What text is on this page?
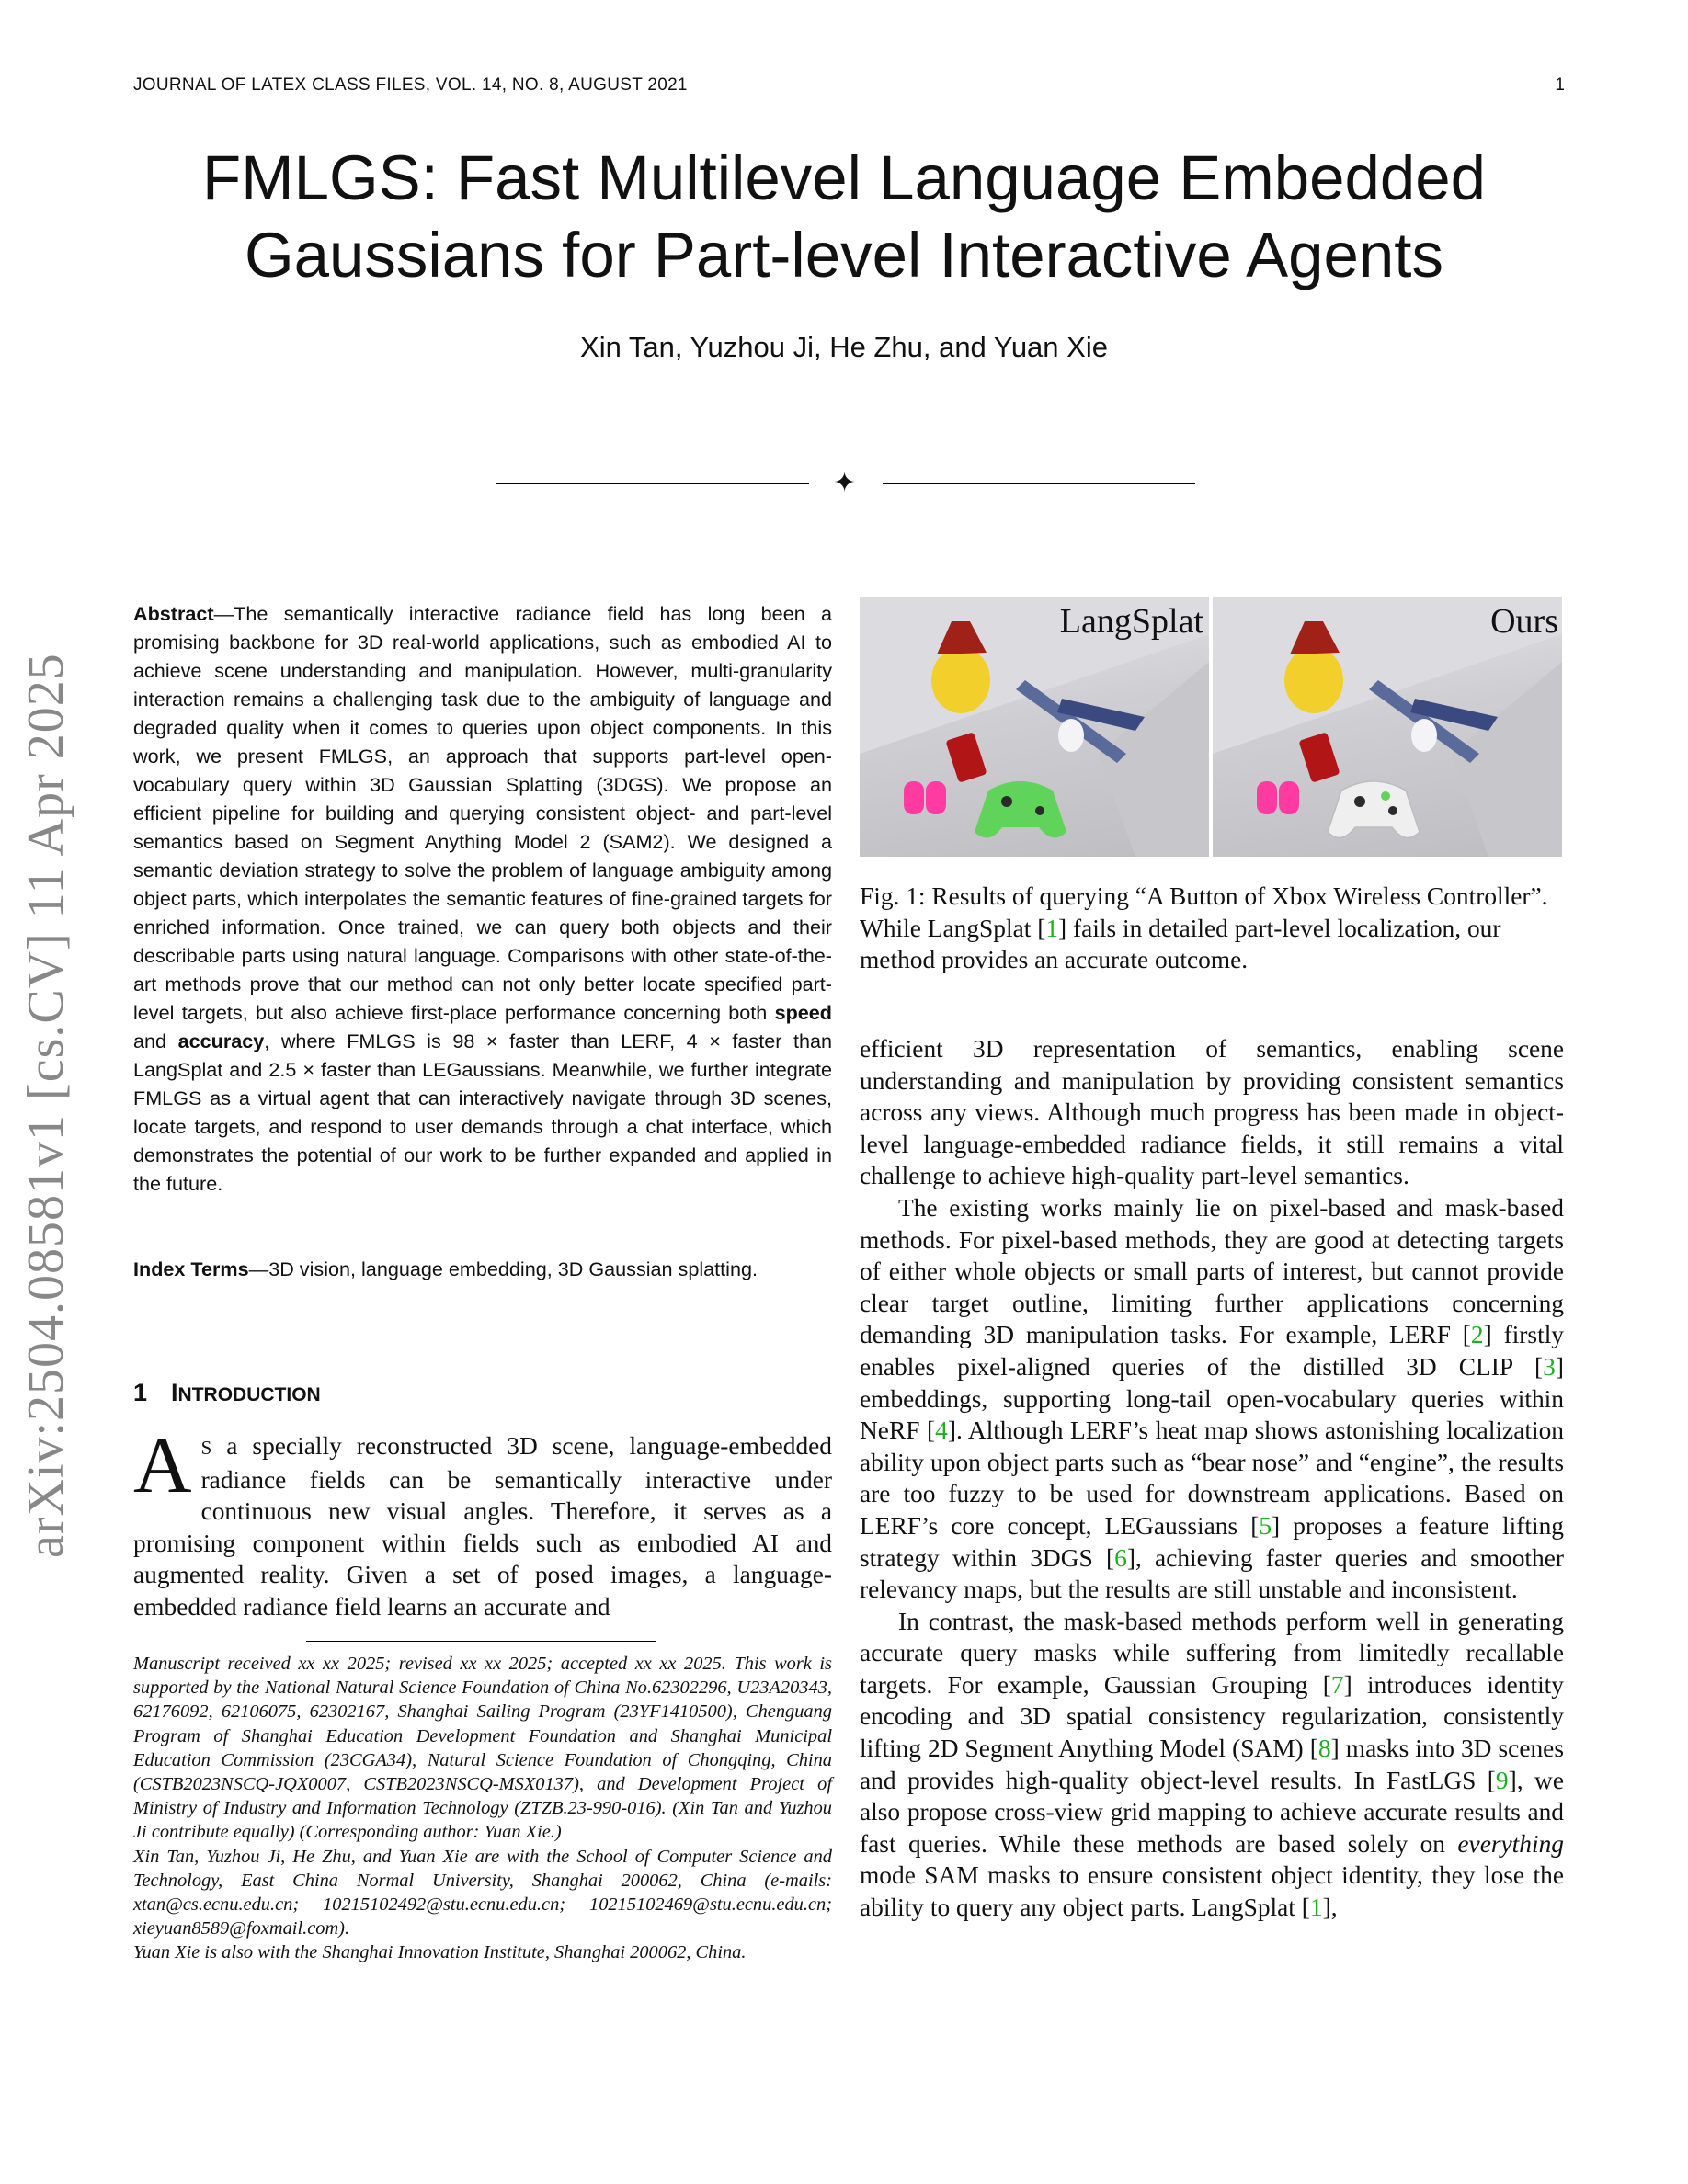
JOURNAL OF LATEX CLASS FILES, VOL. 14, NO. 8, AUGUST 2021	1
FMLGS: Fast Multilevel Language Embedded
Gaussians for Part-level Interactive Agents
Xin Tan, Yuzhou Ji, He Zhu, and Yuan Xie
✦
arXiv:2504.08581v1 [cs.CV] 11 Apr 2025
Abstract—The semantically interactive radiance field has long been a promising backbone for 3D real-world applications, such as embodied AI to achieve scene understanding and manipulation. However, multi-granularity interaction remains a challenging task due to the ambiguity of language and degraded quality when it comes to queries upon object components. In this work, we present FMLGS, an approach that supports part-level open-vocabulary query within 3D Gaussian Splatting (3DGS). We propose an efficient pipeline for building and querying consistent object- and part-level semantics based on Segment Anything Model 2 (SAM2). We designed a semantic deviation strategy to solve the problem of language ambiguity among object parts, which interpolates the semantic features of fine-grained targets for enriched information. Once trained, we can query both objects and their describable parts using natural language. Comparisons with other state-of-the-art methods prove that our method can not only better locate specified part-level targets, but also achieve first-place performance concerning both speed and accuracy, where FMLGS is 98 × faster than LERF, 4 × faster than LangSplat and 2.5 × faster than LEGaussians. Meanwhile, we further integrate FMLGS as a virtual agent that can interactively navigate through 3D scenes, locate targets, and respond to user demands through a chat interface, which demonstrates the potential of our work to be further expanded and applied in the future.
Index Terms—3D vision, language embedding, 3D Gaussian splatting.
1 INTRODUCTION
A S a specially reconstructed 3D scene, language-embedded radiance fields can be semantically interactive under continuous new visual angles. Therefore, it serves as a promising component within fields such as embodied AI and augmented reality. Given a set of posed images, a language-embedded radiance field learns an accurate and

Manuscript received xx xx 2025; revised xx xx 2025; accepted xx xx 2025. This work is supported by the National Natural Science Foundation of China No.62302296, U23A20343, 62176092, 62106075, 62302167, Shanghai Sailing Program (23YF1410500), Chenguang Program of Shanghai Education Development Foundation and Shanghai Municipal Education Commission (23CGA34), Natural Science Foundation of Chongqing, China (CSTB2023NSCQ-JQX0007, CSTB2023NSCQ-MSX0137), and Development Project of Ministry of Industry and Information Technology (ZTZB.23-990-016). (Xin Tan and Yuzhou Ji contribute equally) (Corresponding author: Yuan Xie.)

Xin Tan, Yuzhou Ji, He Zhu, and Yuan Xie are with the School of Computer Science and Technology, East China Normal University, Shanghai 200062, China (e-mails: xtan@cs.ecnu.edu.cn; 10215102492@stu.ecnu.edu.cn; 10215102469@stu.ecnu.edu.cn; xieyuan8589@foxmail.com).

Yuan Xie is also with the Shanghai Innovation Institute, Shanghai 200062, China.

LangSplat	Ours
Fig. 1: Results of querying “A Button of Xbox Wireless Controller”. While LangSplat [1] fails in detailed part-level localization, our method provides an accurate outcome.

efficient 3D representation of semantics, enabling scene understanding and manipulation by providing consistent semantics across any views. Although much progress has been made in object-level language-embedded radiance fields, it still remains a vital challenge to achieve high-quality part-level semantics.

The existing works mainly lie on pixel-based and mask-based methods. For pixel-based methods, they are good at detecting targets of either whole objects or small parts of interest, but cannot provide clear target outline, limiting further applications concerning demanding 3D manipulation tasks. For example, LERF [2] firstly enables pixel-aligned queries of the distilled 3D CLIP [3] embeddings, supporting long-tail open-vocabulary queries within NeRF [4]. Although LERF’s heat map shows astonishing localization ability upon object parts such as “bear nose” and “engine”, the results are too fuzzy to be used for downstream applications. Based on LERF’s core concept, LEGaussians [5] proposes a feature lifting strategy within 3DGS [6], achieving faster queries and smoother relevancy maps, but the results are still unstable and inconsistent.

In contrast, the mask-based methods perform well in generating accurate query masks while suffering from limitedly recallable targets. For example, Gaussian Grouping [7] introduces identity encoding and 3D spatial consistency regularization, consistently lifting 2D Segment Anything Model (SAM) [8] masks into 3D scenes and provides high-quality object-level results. In FastLGS [9], we also propose cross-view grid mapping to achieve accurate results and fast queries. While these methods are based solely on everything mode SAM masks to ensure consistent object identity, they lose the ability to query any object parts. LangSplat [1],
